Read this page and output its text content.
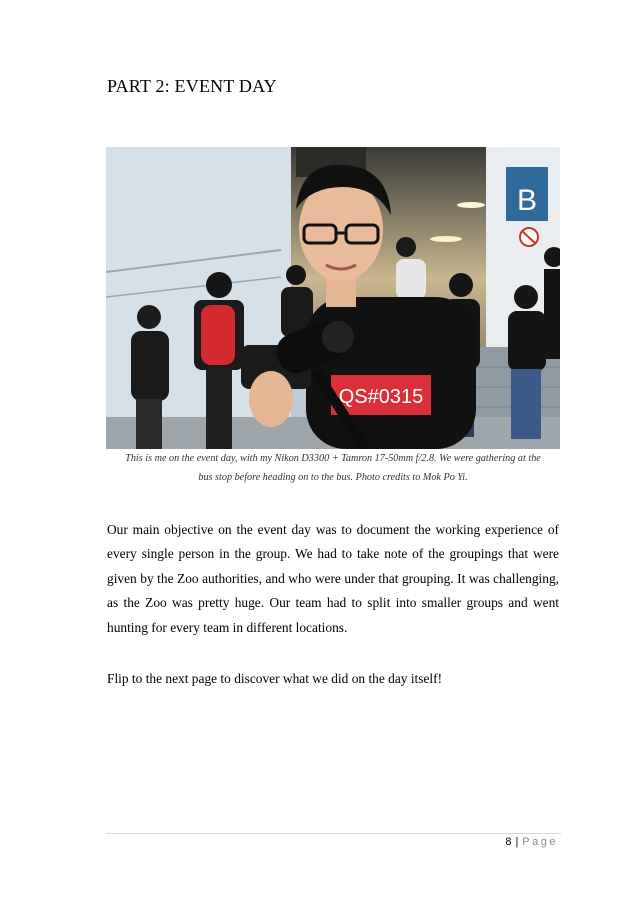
PART 2: EVENT DAY
B
QS#0315
This is me on the event day, with my Nikon D3300 + Tamron 17-50mm f/2.8. We were gathering at the
bus stop before heading on to the bus. Photo credits to Mok Po Yi.
Our main objective on the event day was to document the working experience of every single person in the group. We had to take note of the groupings that were given by the Zoo authorities, and who were under that grouping. It was challenging, as the Zoo was pretty huge. Our team had to split into smaller groups and went hunting for every team in different locations.
Flip to the next page to discover what we did on the day itself!
8 | Page
